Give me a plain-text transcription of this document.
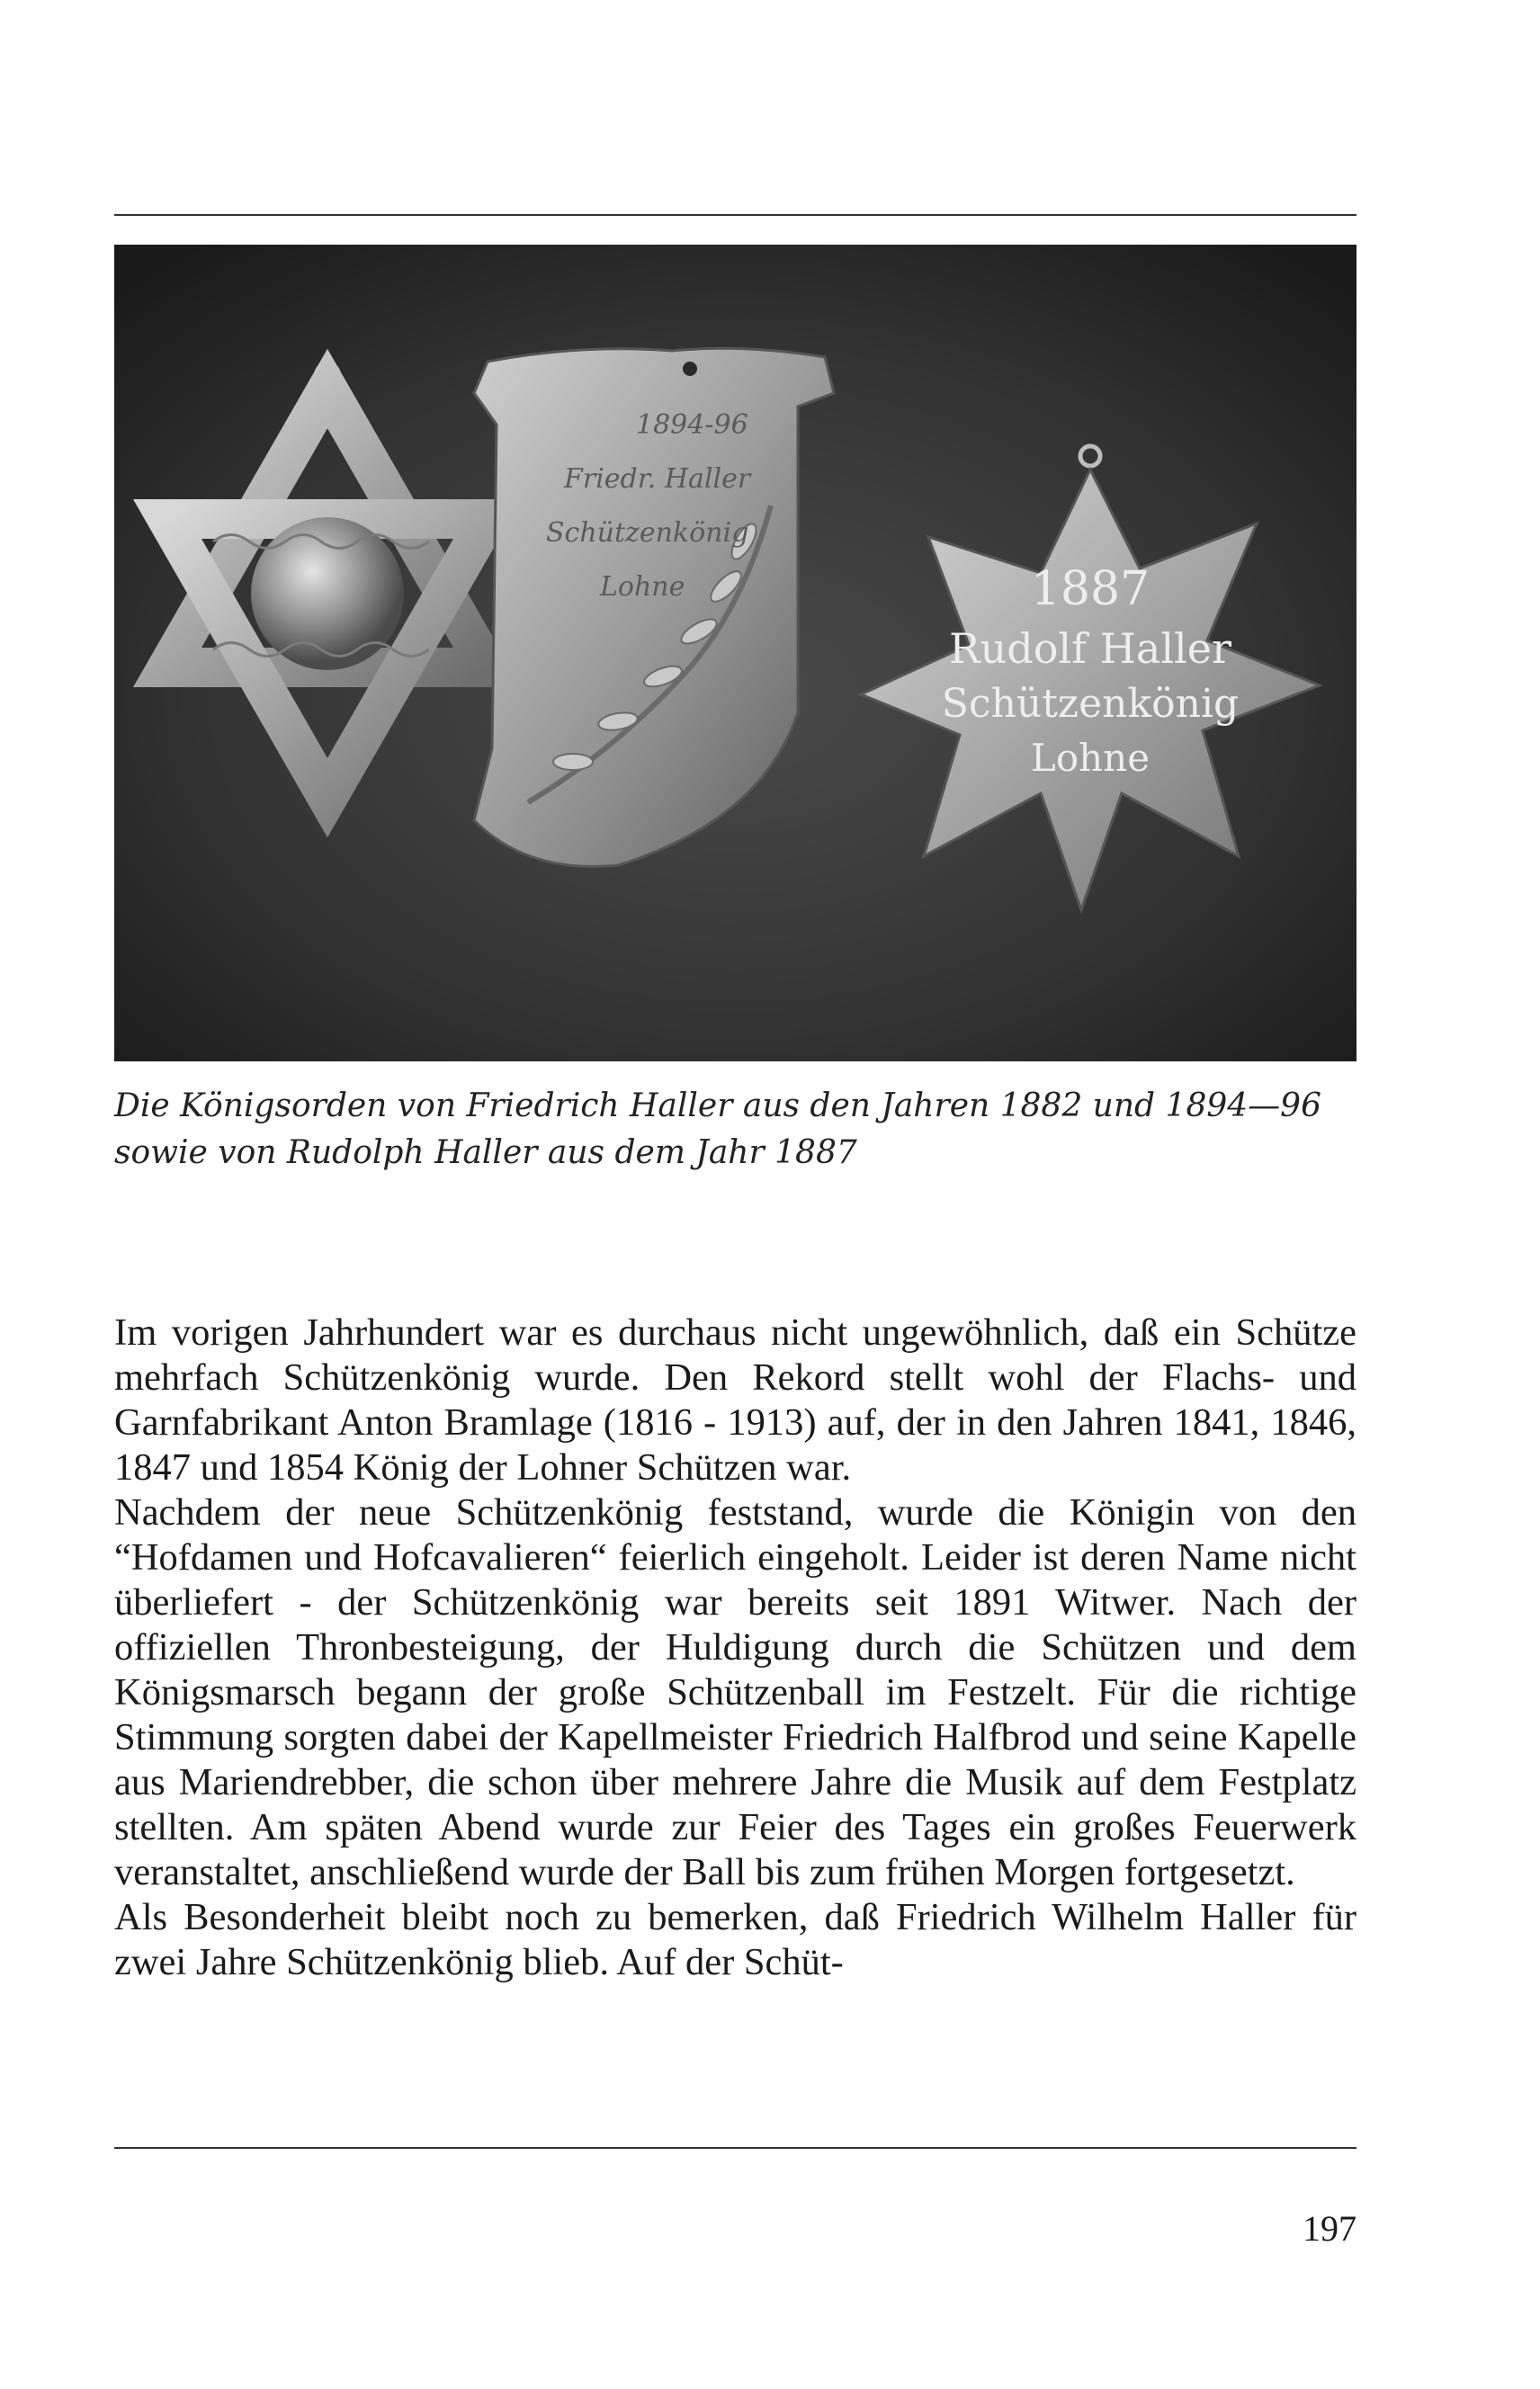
1894-96
Friedr. Haller
Schützenkönig
Lohne	1887
Rudolf Haller
Schützenkönig
Lohne

Die Königsorden von Friedrich Haller aus den Jahren 1882 und 1894—96 sowie von Rudolph Haller aus dem Jahr 1887

Im vorigen Jahrhundert war es durchaus nicht ungewöhnlich, daß ein Schütze mehrfach Schützenkönig wurde. Den Rekord stellt wohl der Flachs- und Garnfabrikant Anton Bramlage (1816 - 1913) auf, der in den Jahren 1841, 1846, 1847 und 1854 König der Lohner Schützen war.

Nachdem der neue Schützenkönig feststand, wurde die Königin von den “Hofdamen und Hofcavalieren“ feierlich eingeholt. Leider ist deren Name nicht überliefert - der Schützenkönig war bereits seit 1891 Witwer. Nach der offiziellen Thronbesteigung, der Huldigung durch die Schützen und dem Königsmarsch begann der große Schützenball im Festzelt. Für die richtige Stimmung sorgten dabei der Kapellmeister Friedrich Halfbrod und seine Kapelle aus Mariendrebber, die schon über mehrere Jahre die Musik auf dem Festplatz stellten. Am späten Abend wurde zur Feier des Tages ein großes Feuerwerk veranstaltet, anschließend wurde der Ball bis zum frühen Morgen fortgesetzt.

Als Besonderheit bleibt noch zu bemerken, daß Friedrich Wilhelm Haller für zwei Jahre Schützenkönig blieb. Auf der Schüt-

197
